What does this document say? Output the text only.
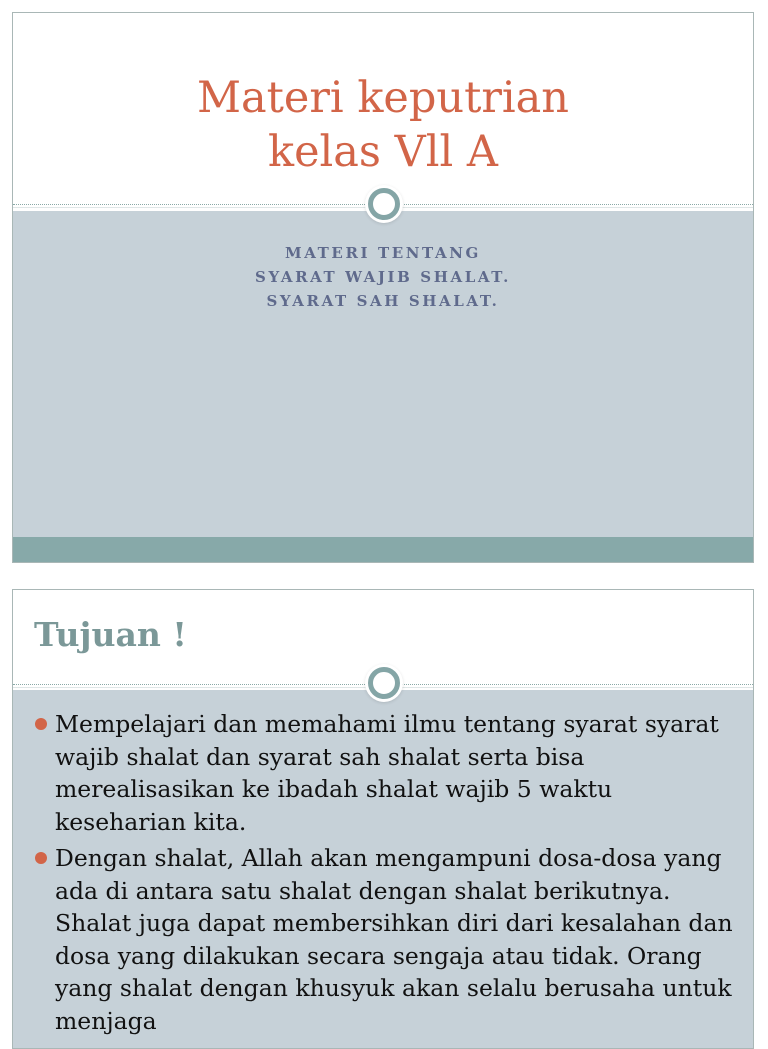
Materi keputrian
kelas Vll A
MATERI TENTANG
SYARAT WAJIB SHALAT.
SYARAT SAH SHALAT.
Tujuan !
Mempelajari dan memahami ilmu tentang syarat syarat wajib shalat dan syarat sah shalat serta bisa merealisasikan ke ibadah shalat wajib 5 waktu keseharian kita.
Dengan shalat, Allah akan mengampuni dosa-dosa yang ada di antara satu shalat dengan shalat berikutnya. Shalat juga dapat membersihkan diri dari kesalahan dan dosa yang dilakukan secara sengaja atau tidak. Orang yang shalat dengan khusyuk akan selalu berusaha untuk menjaga
